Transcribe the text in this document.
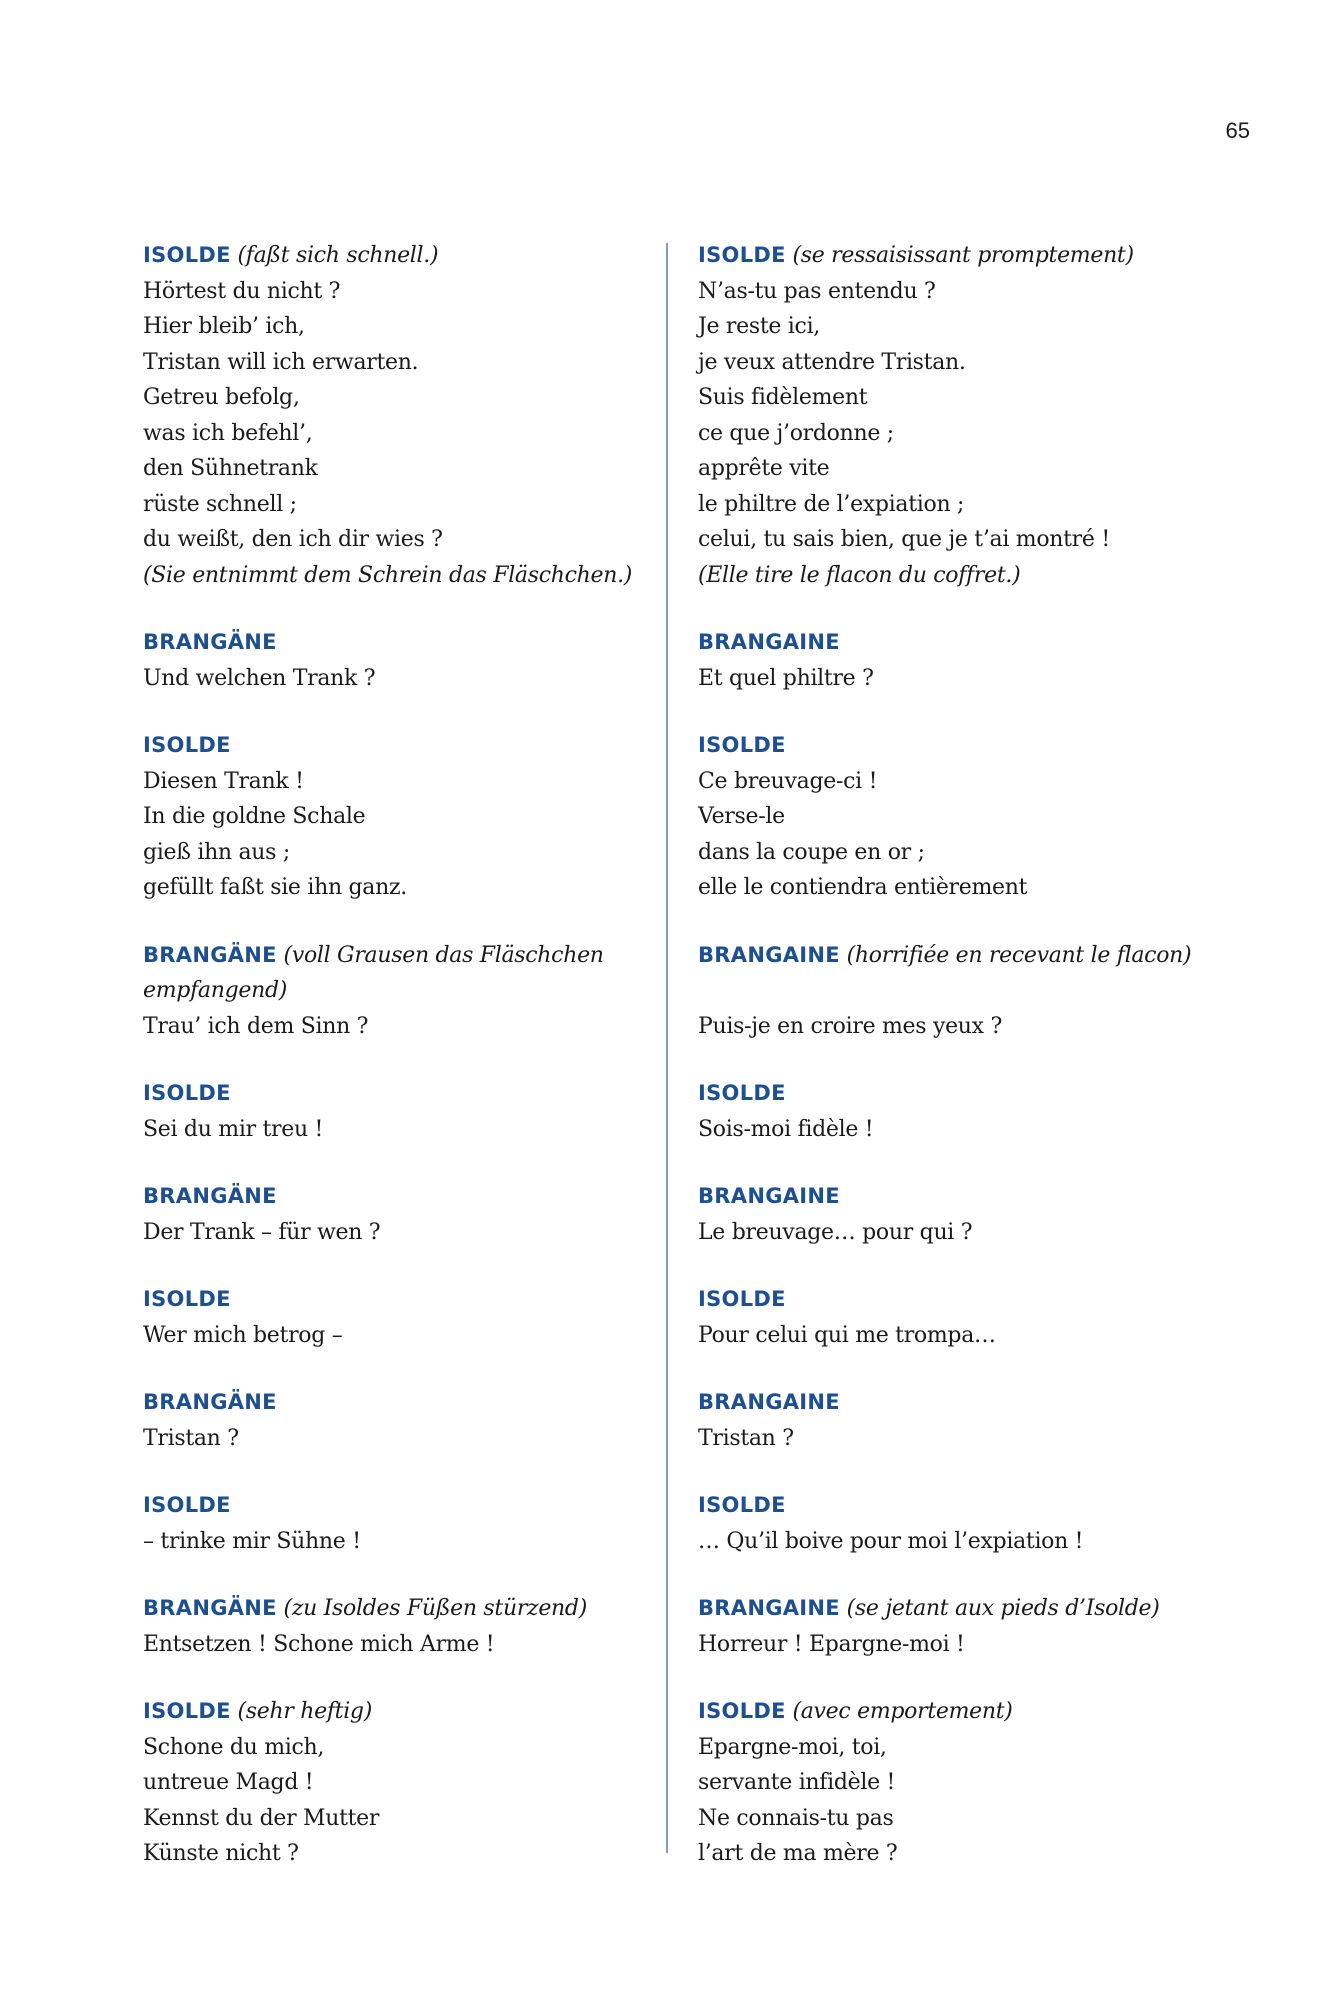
65
ISOLDE (faßt sich schnell.)
Hörtest du nicht ?
Hier bleib’ ich,
Tristan will ich erwarten.
Getreu befolg,
was ich befehl’,
den Sühnetrank
rüste schnell ;
du weißt, den ich dir wies ?
(Sie entnimmt dem Schrein das Fläschchen.)
BRANGÄNE
Und welchen Trank ?
ISOLDE
Diesen Trank !
In die goldne Schale
gieß ihn aus ;
gefüllt faßt sie ihn ganz.
BRANGÄNE (voll Grausen das Fläschchen empfangend)
Trau’ ich dem Sinn ?
ISOLDE
Sei du mir treu !
BRANGÄNE
Der Trank – für wen ?
ISOLDE
Wer mich betrog –
BRANGÄNE
Tristan ?
ISOLDE
– trinke mir Sühne !
BRANGÄNE (zu Isoldes Füßen stürzend)
Entsetzen ! Schone mich Arme !
ISOLDE (sehr heftig)
Schone du mich,
untreue Magd !
Kennst du der Mutter
Künste nicht ?
ISOLDE (se ressaisissant promptement)
N’as-tu pas entendu ?
Je reste ici,
je veux attendre Tristan.
Suis fidèlement
ce que j’ordonne ;
apprête vite
le philtre de l’expiation ;
celui, tu sais bien, que je t’ai montré !
(Elle tire le flacon du coffret.)
BRANGAINE
Et quel philtre ?
ISOLDE
Ce breuvage-ci !
Verse-le
dans la coupe en or ;
elle le contiendra entièrement
BRANGAINE (horrifiée en recevant le flacon)

Puis-je en croire mes yeux ?
ISOLDE
Sois-moi fidèle !
BRANGAINE
Le breuvage… pour qui ?
ISOLDE
Pour celui qui me trompa…
BRANGAINE
Tristan ?
ISOLDE
… Qu’il boive pour moi l’expiation !
BRANGAINE (se jetant aux pieds d’Isolde)
Horreur ! Epargne-moi !
ISOLDE (avec emportement)
Epargne-moi, toi,
servante infidèle !
Ne connais-tu pas
l’art de ma mère ?
